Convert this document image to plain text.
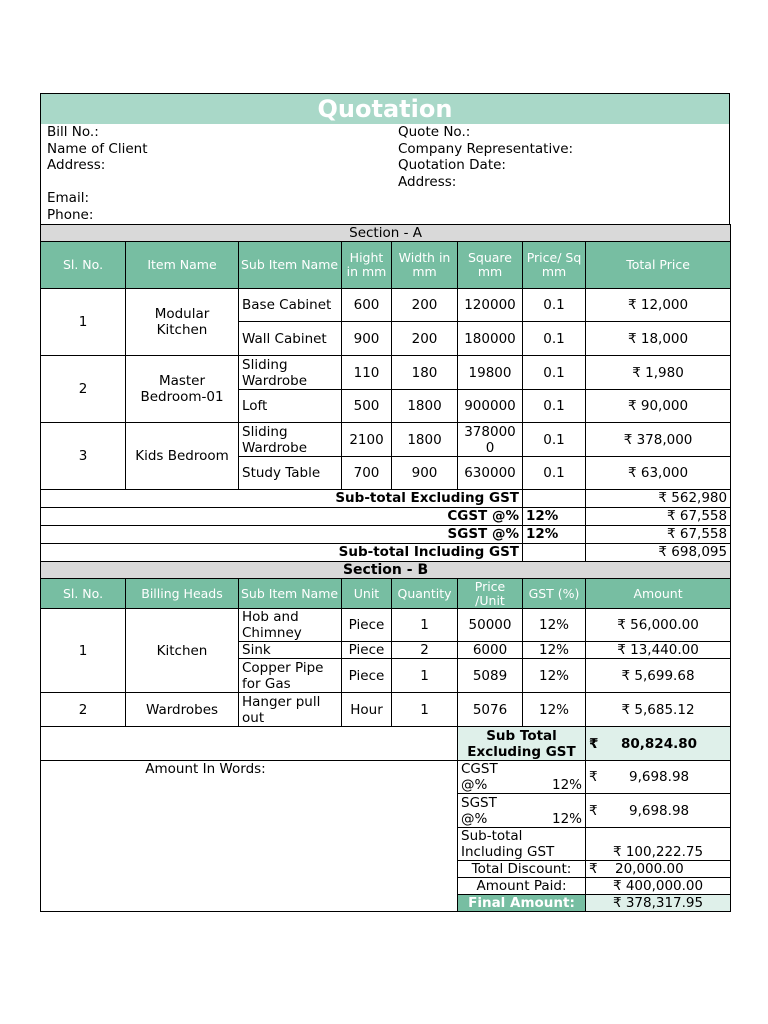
Quotation
Bill No.:
Name of Client
Address:
Email:
Phone:
Quote No.:
Company Representative:
Quotation Date:
Address:
Section - A							
Sl. No.	Item Name	Sub Item Name	Hight in mm	Width in mm	Square mm	Price/ Sq mm	Total Price
1	Modular Kitchen	Base Cabinet	600	200	120000	0.1	₹ 12,000
		Wall Cabinet	900	200	180000	0.1	₹ 18,000
2	Master Bedroom-01	Sliding Wardrobe	110	180	19800	0.1	₹ 1,980
		Loft	500	1800	900000	0.1	₹ 90,000
3	Kids Bedroom	Sliding Wardrobe	2100	1800	3780000	0.1	₹ 378,000
		Study Table	700	900	630000	0.1	₹ 63,000
Sub-total Excluding GST							₹ 562,980
CGST @%						12%	₹ 67,558
SGST @%						12%	₹ 67,558
Sub-total Including GST							₹ 698,095
Section - B							
Sl. No.	Billing Heads	Sub Item Name	Unit	Quantity	Price /Unit	GST (%)	Amount
1	Kitchen	Hob and Chimney	Piece	1	50000	12%	₹ 56,000.00
		Sink	Piece	2	6000	12%	₹ 13,440.00
		Copper Pipe for Gas	Piece	1	5089	12%	₹ 5,699.68
2	Wardrobes	Hanger pull out	Hour	1	5076	12%	₹ 5,685.12
					Sub Total Excluding GST		₹ 80,824.80
Amount In Words:					CGST @%	12%	₹ 9,698.98
					SGST @%	12%	₹ 9,698.98
					Sub-total Including GST		₹ 100,222.75
					Total Discount:		₹ 20,000.00
					Amount Paid:		₹ 400,000.00
					Final Amount:		₹ 378,317.95
